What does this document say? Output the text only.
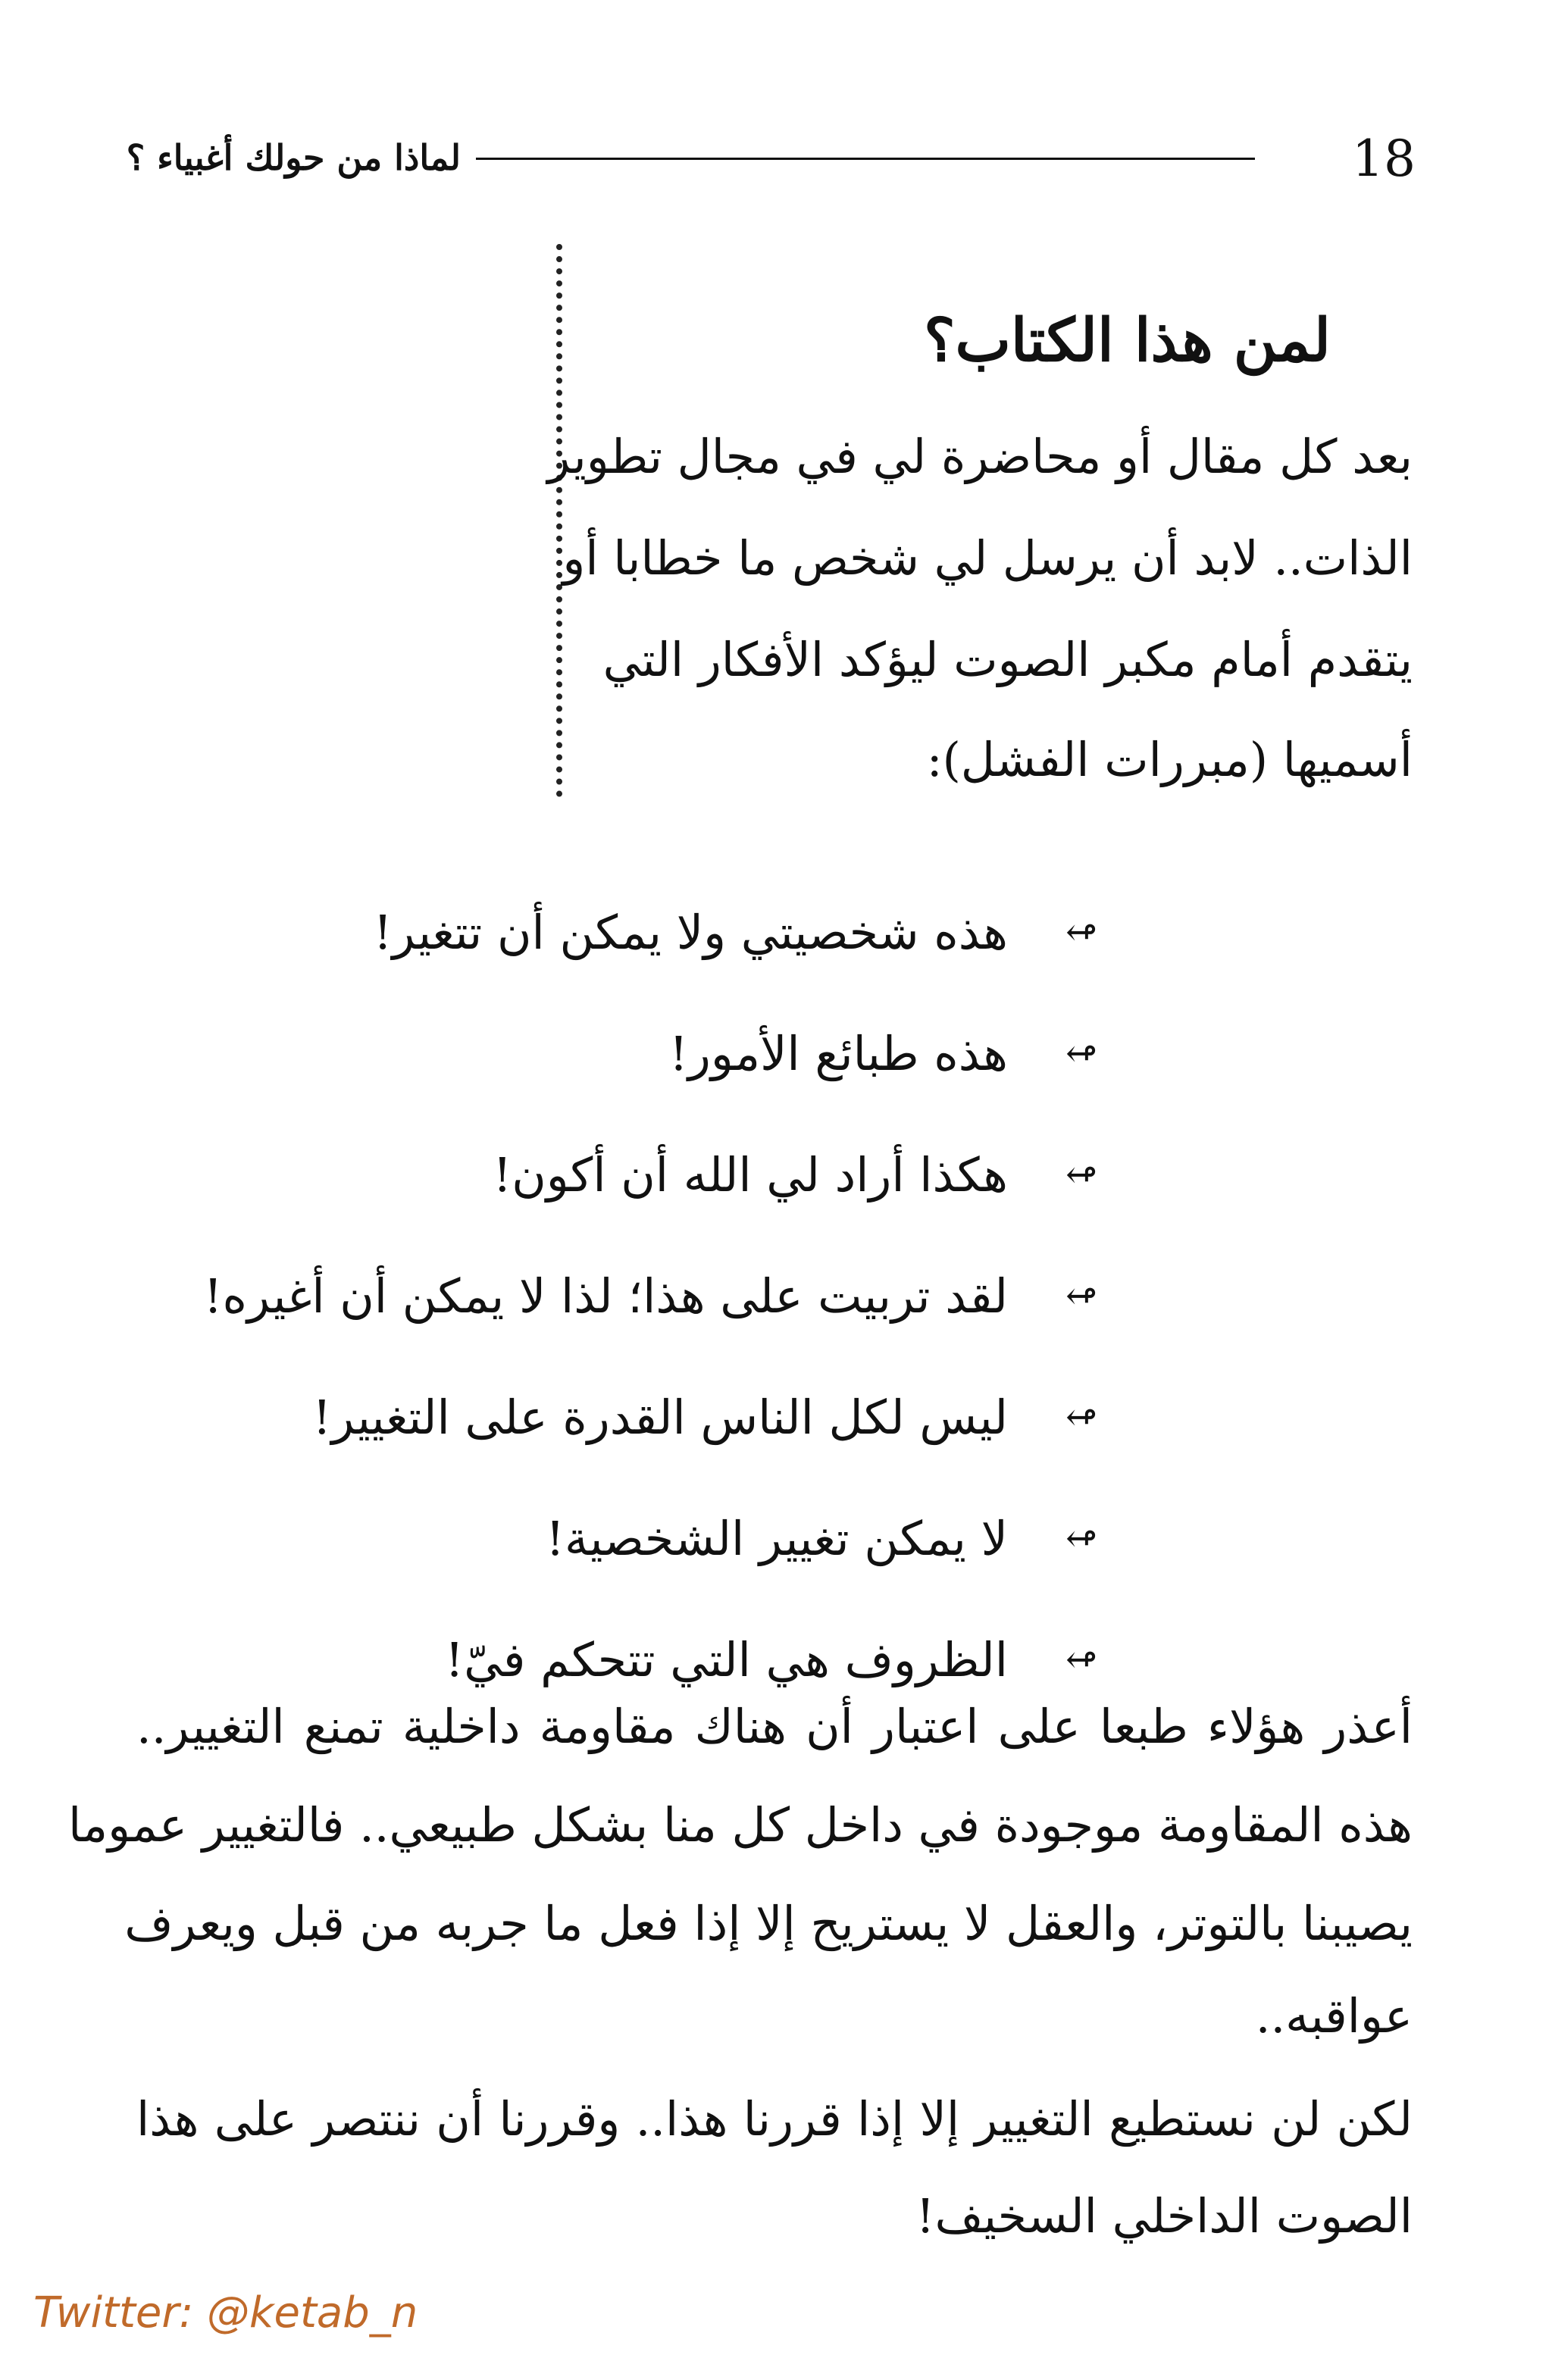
18
لماذا من حولك أغبياء ؟
لمن هذا الكتاب؟
بعد كل مقال أو محاضرة لي في مجال تطوير
الذات.. لابد أن يرسل لي شخص ما خطابا أو
يتقدم أمام مكبر الصوت ليؤكد الأفكار التي
أسميها (مبررات الفشل):
↫
هذه شخصيتي ولا يمكن أن تتغير!
↫
هذه طبائع الأمور!
↫
هكذا أراد لي الله أن أكون!
↫
لقد تربيت على هذا؛ لذا لا يمكن أن أغيره!
↫
ليس لكل الناس القدرة على التغيير!
↫
لا يمكن تغيير الشخصية!
↫
الظروف هي التي تتحكم فيّ!
أعذر هؤلاء طبعا على اعتبار أن هناك مقاومة داخلية تمنع التغيير..
هذه المقاومة موجودة في داخل كل منا بشكل طبيعي.. فالتغيير عموما
يصيبنا بالتوتر، والعقل لا يستريح إلا إذا فعل ما جربه من قبل ويعرف
عواقبه..
لكن لن نستطيع التغيير إلا إذا قررنا هذا.. وقررنا أن ننتصر على هذا
الصوت الداخلي السخيف!
Twitter: @ketab_n
